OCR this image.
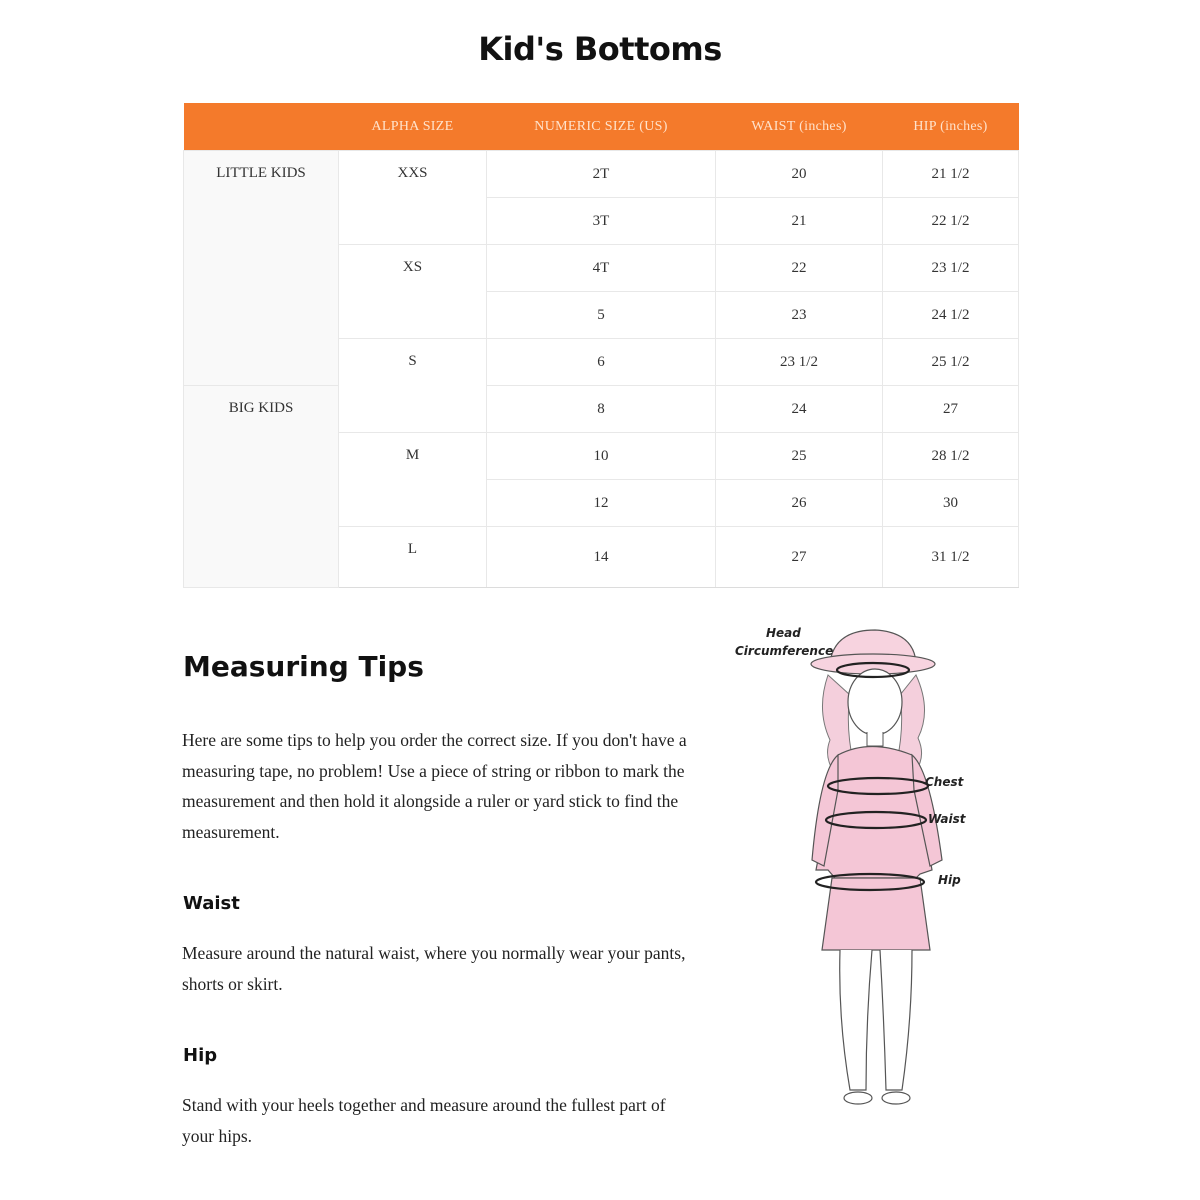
Kid's Bottoms
	ALPHA SIZE	NUMERIC SIZE (US)	WAIST (inches)	HIP (inches)
LITTLE KIDS	XXS	2T	20	21 1/2
		3T	21	22 1/2
	XS	4T	22	23 1/2
		5	23	24 1/2
	S	6	23 1/2	25 1/2
BIG KIDS		8	24	27
	M	10	25	28 1/2
		12	26	30
	L	14	27	31 1/2
Measuring Tips
Here are some tips to help you order the correct size. If you don't have a measuring tape, no problem! Use a piece of string or ribbon to mark the measurement and then hold it alongside a ruler or yard stick to find the measurement.
Waist
Measure around the natural waist, where you normally wear your pants, shorts or skirt.
Hip
Stand with your heels together and measure around the fullest part of your hips.
Head
Circumference
Chest
Waist
Hip
